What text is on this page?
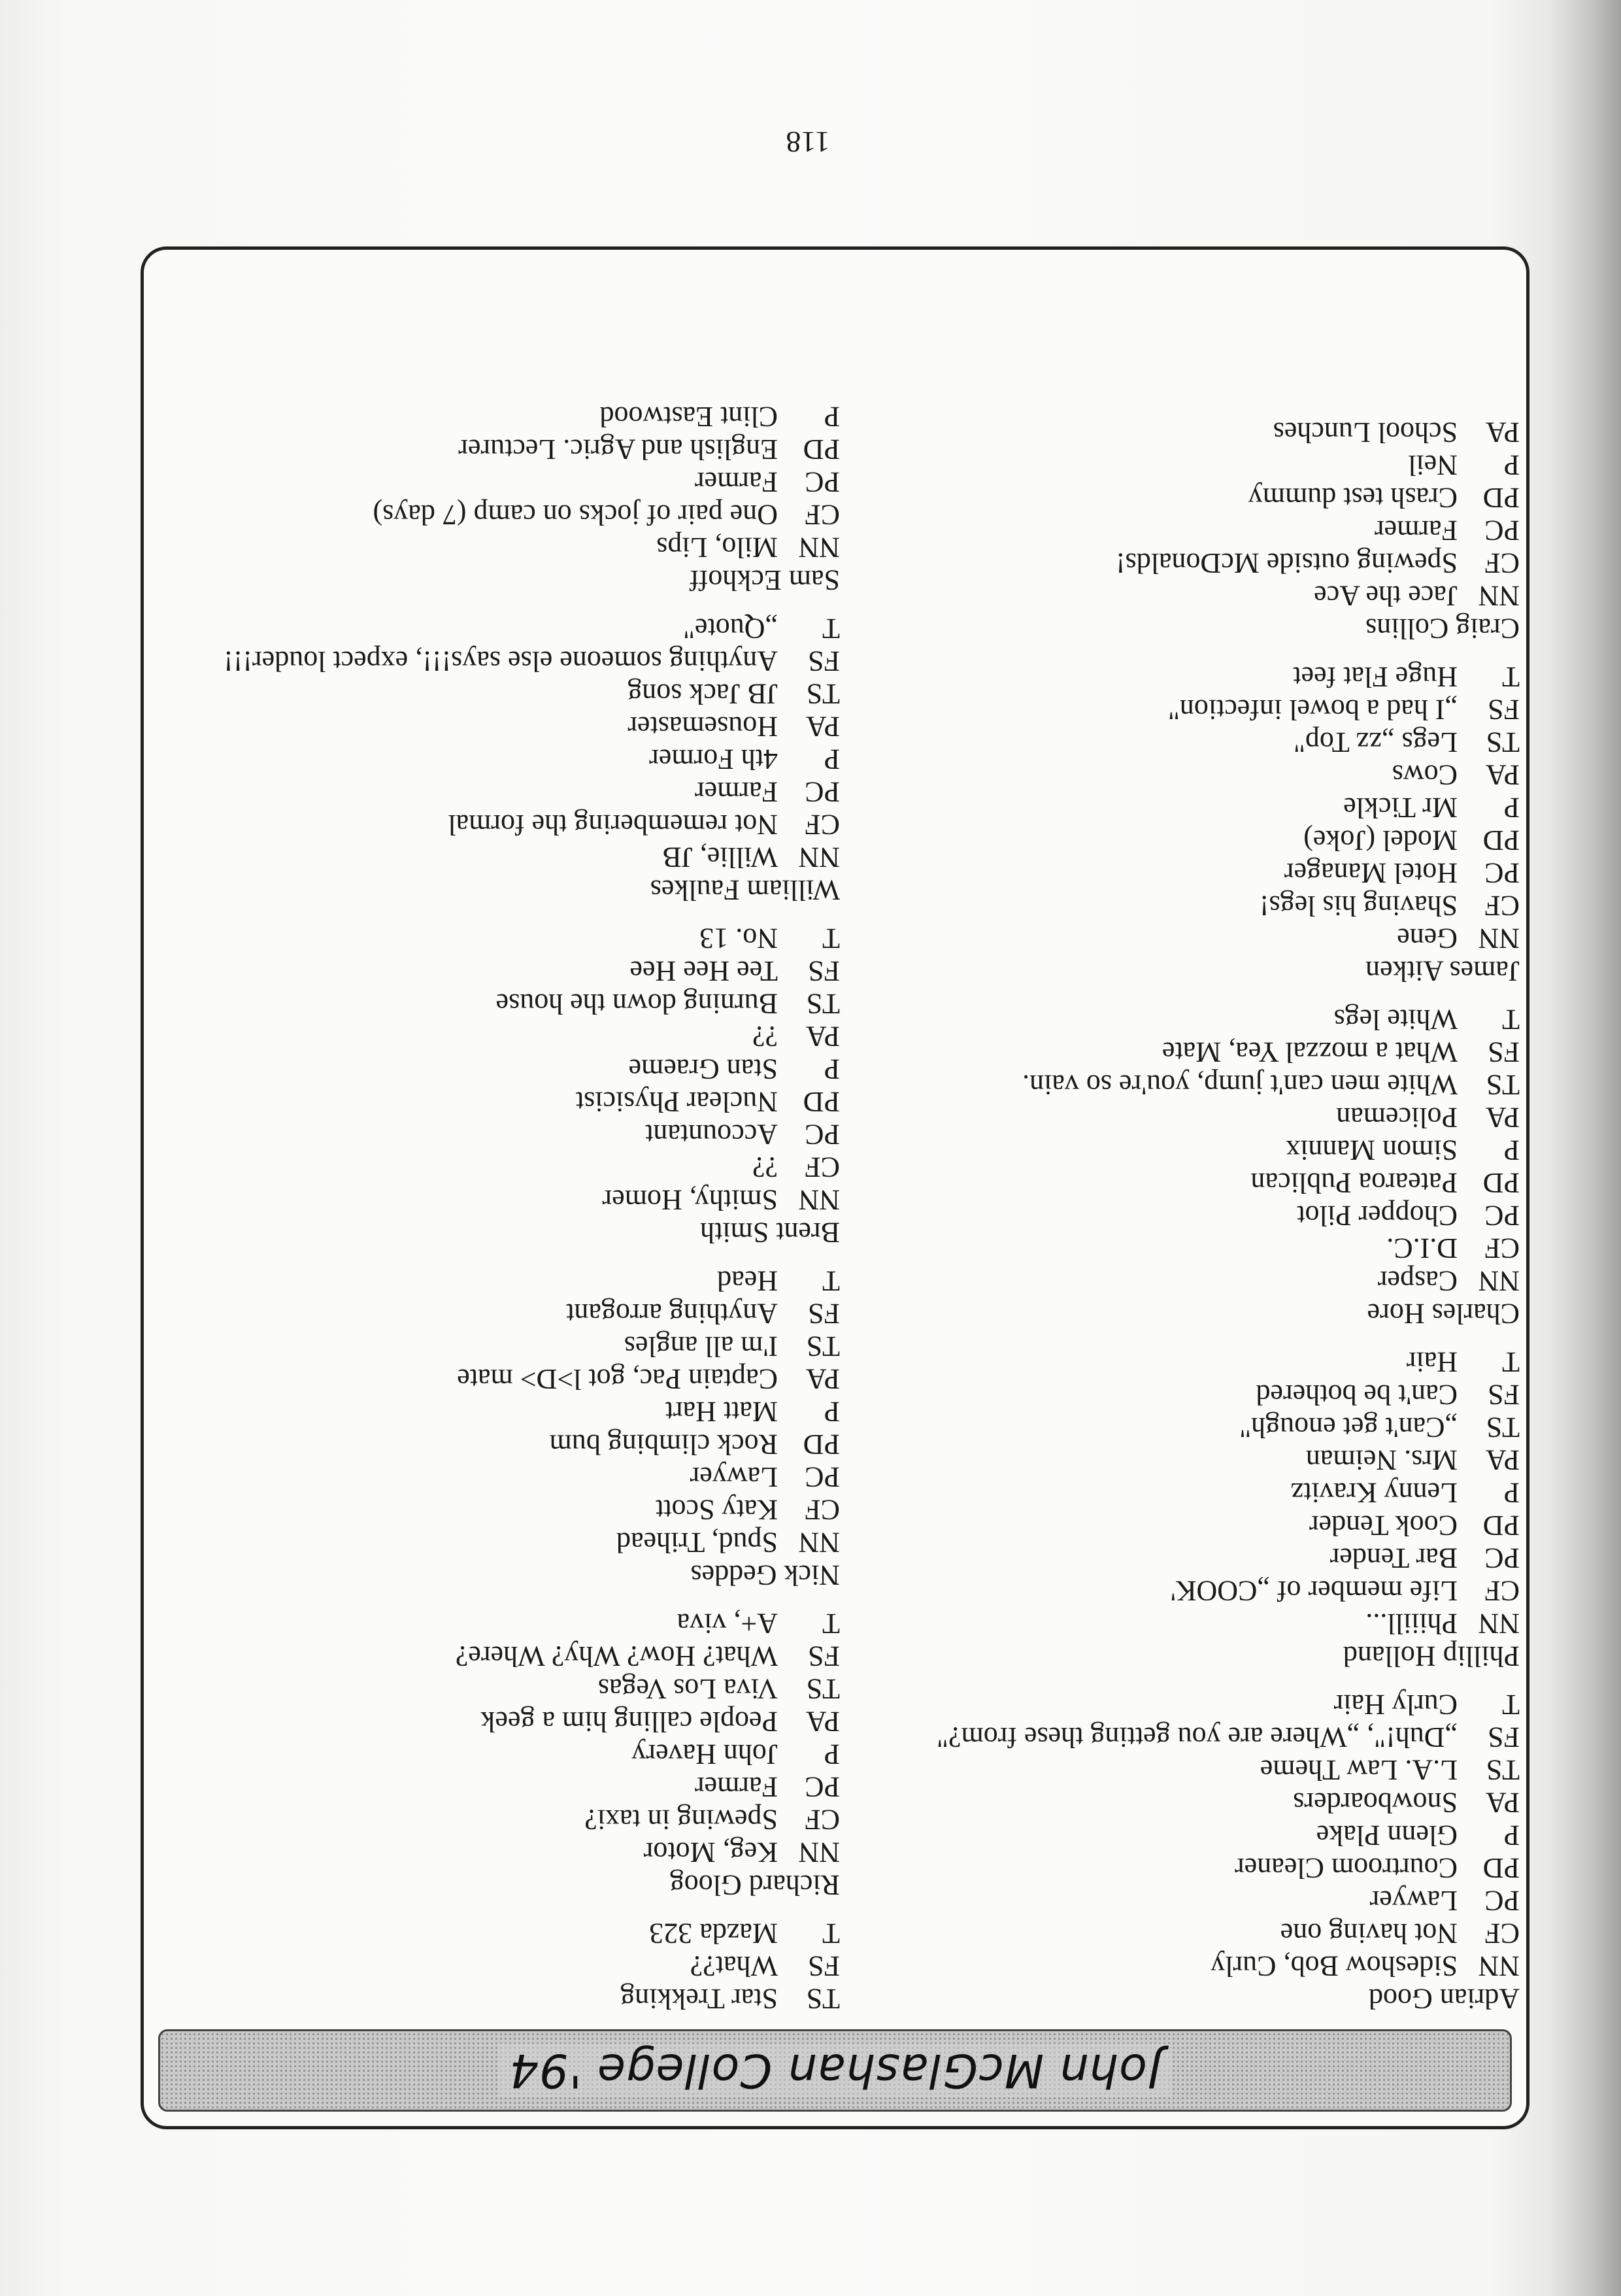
John McGlashan College '94
Adrian Good
NN
Sideshow Bob, Curly
CF
Not having one
PC
Lawyer
PD
Courtroom Cleaner
P
Glenn Plake
PA
Snowboarders
TS
L.A. Law Theme
FS
„Duh!", „Where are you getting these from?"
T
Curly Hair
Phillip Holland
NN
Phiiill...
CF
Life member of „COOK'
PC
Bar Tender
PD
Cook Tender
P
Lenny Kravitz
PA
Mrs. Neiman
TS
„Can't get enough"
FS
Can't be bothered
T
Hair
Charles Hore
NN
Casper
CF
D.I.C.
PC
Chopper Pilot
PD
Patearoa Publican
P
Simon Mannix
PA
Policeman
TS
White men can't jump, you're so vain.
FS
What a mozzal Yea, Mate
T
White legs
James Aitken
NN
Gene
CF
Shaving his legs!
PC
Hotel Manager
PD
Model (Joke)
P
Mr Tickle
PA
Cows
TS
Legs „zz Top"
FS
„I had a bowel infection"
T
Huge Flat feet
Craig Collins
NN
Jace the Ace
CF
Spewing outside McDonalds!
PC
Farmer
PD
Crash test dummy
P
Neil
PA
School Lunches
TS
Star Trekking
FS
What??
T
Mazda 323
Richard Gloog
NN
Keg, Motor
CF
Spewing in taxi?
PC
Farmer
P
John Havery
PA
People calling him a geek
TS
Viva Los Vegas
FS
What? How? Why? Where?
T
A+, viva
Nick Geddes
NN
Spud, Trihead
CF
Katy Scott
PC
Lawyer
PD
Rock climbing bum
P
Matt Hart
PA
Captain Pac, got l>D> mate
TS
I'm all angles
FS
Anything arrogant
T
Head
Brent Smith
NN
Smithy, Homer
CF
??
PC
Accountant
PD
Nuclear Physicist
P
Stan Graeme
PA
??
TS
Burning down the house
FS
Tee Hee Hee
T
No. 13
William Faulkes
NN
Willie, JB
CF
Not remembering the formal
PC
Farmer
P
4th Former
PA
Housemaster
TS
JB Jack song
FS
Anything someone else says!!!, expect louder!!!
T
„Quote"
Sam Eckhoff
NN
Milo, Lips
CF
One pair of jocks on camp (7 days)
PC
Farmer
PD
English and Agric. Lecturer
P
Clint Eastwood
118
